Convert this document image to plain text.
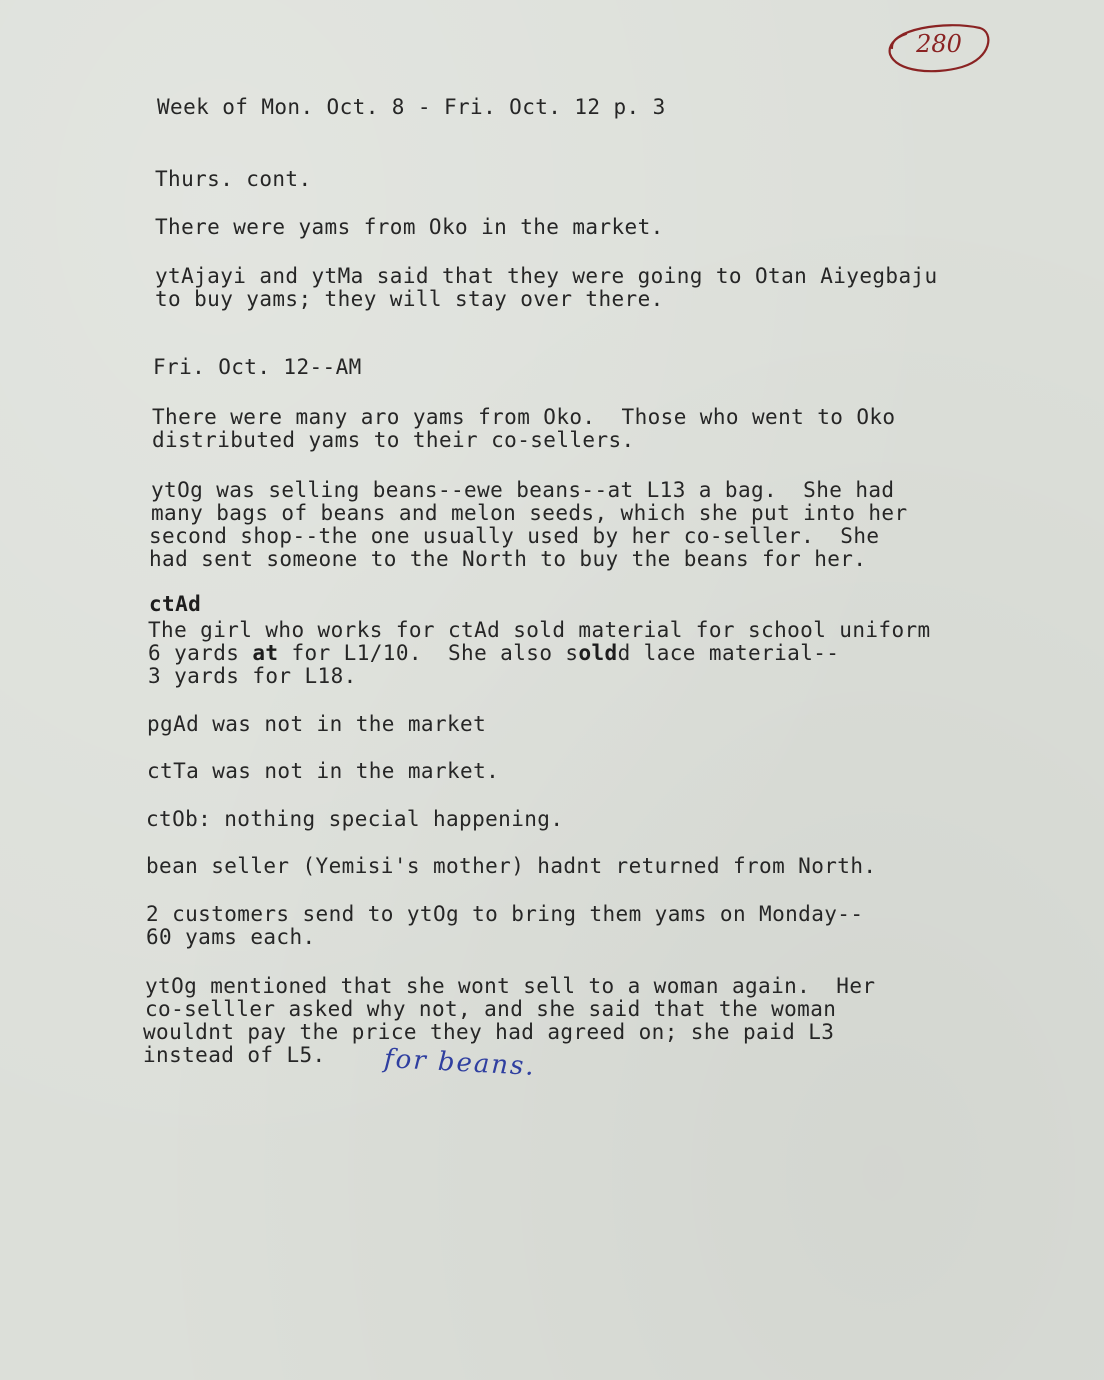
280

Week of Mon. Oct. 8 - Fri. Oct. 12 p. 3

Thurs. cont.

There were yams from Oko in the market.

ytAjayi and ytMa said that they were going to Otan Aiyegbaju

to buy yams; they will stay over there.

Fri. Oct. 12--AM

There were many aro yams from Oko.  Those who went to Oko

distributed yams to their co-sellers.

ytOg was selling beans--ewe beans--at L13 a bag.  She had

many bags of beans and melon seeds, which she put into her

second shop--the one usually used by her co-seller.  She

had sent someone to the North to buy the beans for her.

ctAd

The girl who works for ctAd sold material for school uniform

6 yards at for L1/10.  She also soldd lace material--

3 yards for L18.

pgAd was not in the market

ctTa was not in the market.

ctOb: nothing special happening.

bean seller (Yemisi's mother) hadnt returned from North.

2 customers send to ytOg to bring them yams on Monday--

60 yams each.

ytOg mentioned that she wont sell to a woman again.  Her

co-selller asked why not, and she said that the woman

wouldnt pay the price they had agreed on; she paid L3

instead of L5. for beans.
